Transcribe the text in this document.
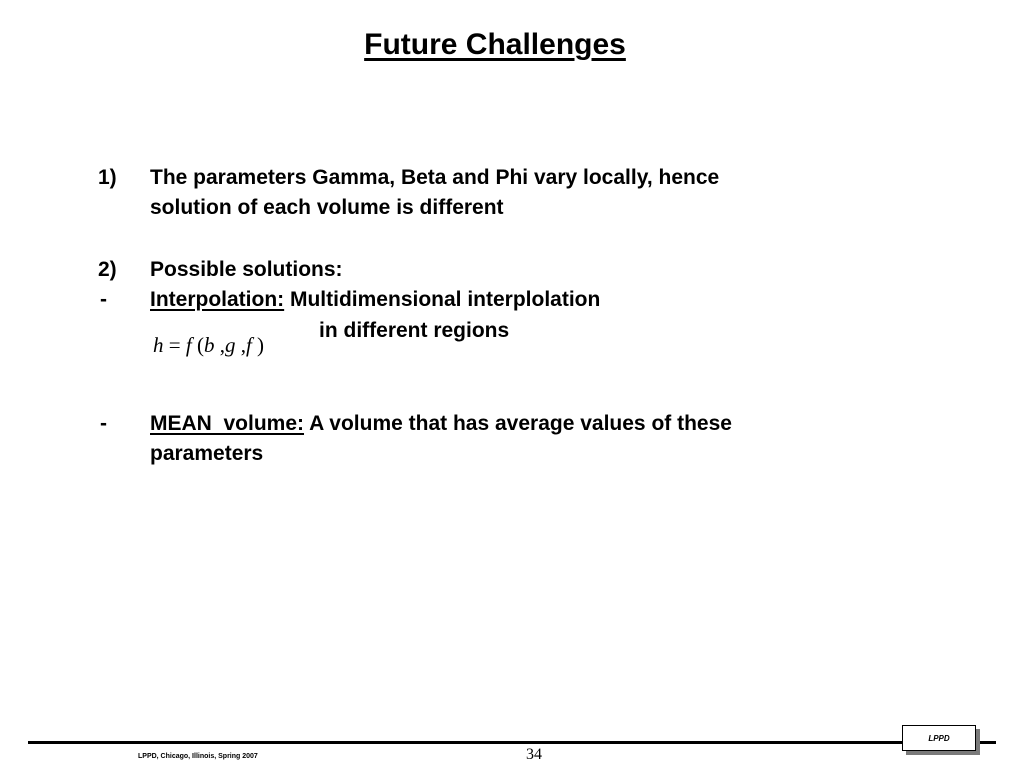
Future Challenges
1) The parameters Gamma, Beta and Phi vary locally, hence
solution of each volume is different
2) Possible solutions:
- Interpolation: Multidimensional interplolation
in different regions
h = f (b ,g ,f )
- MEAN  volume: A volume that has average values of these
parameters
LPPD, Chicago, Illinois, Spring 2007	34
LPPD
